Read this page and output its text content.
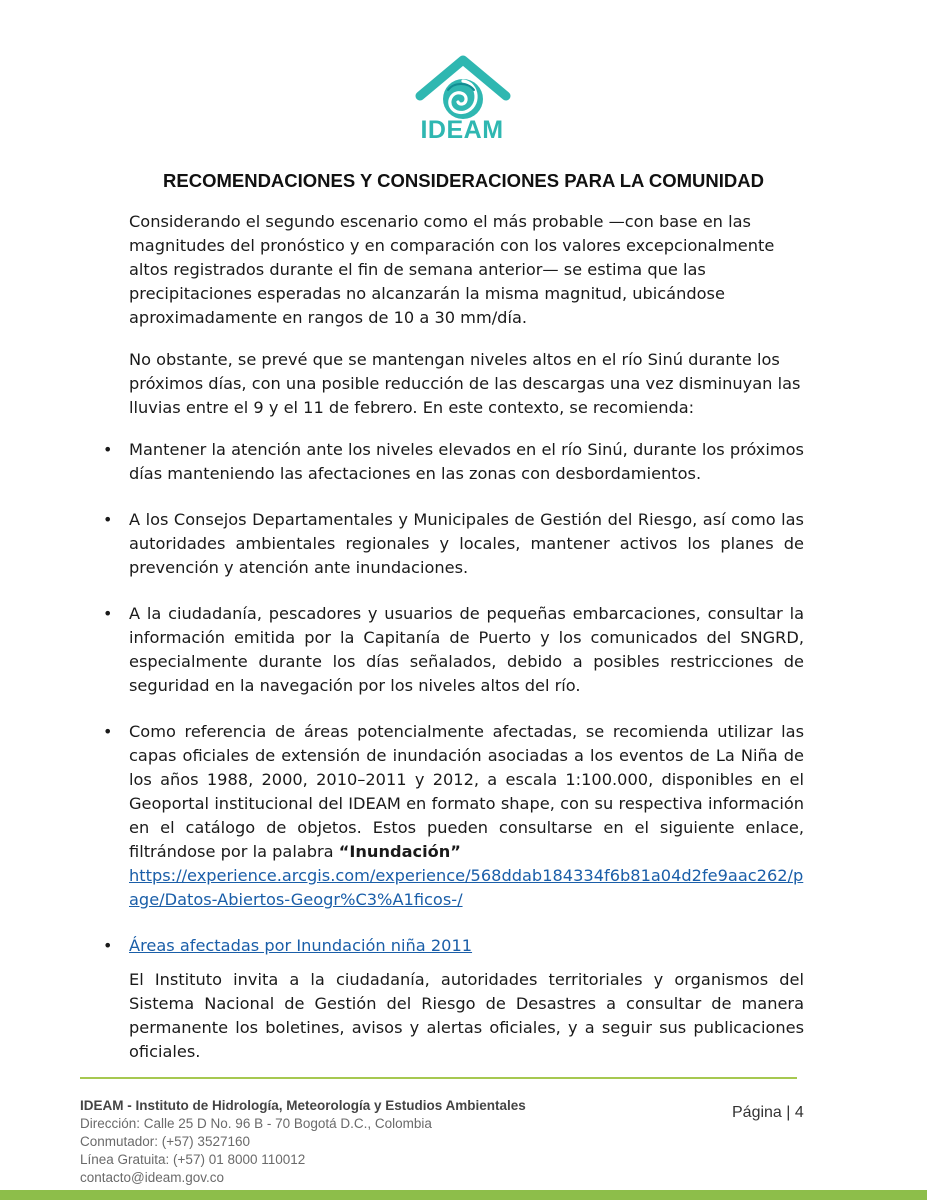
IDEAM
RECOMENDACIONES Y CONSIDERACIONES PARA LA COMUNIDAD

Considerando el segundo escenario como el más probable —con base en las magnitudes del pronóstico y en comparación con los valores excepcionalmente altos registrados durante el fin de semana anterior— se estima que las precipitaciones esperadas no alcanzarán la misma magnitud, ubicándose aproximadamente en rangos de 10 a 30 mm/día.

No obstante, se prevé que se mantengan niveles altos en el río Sinú durante los próximos días, con una posible reducción de las descargas una vez disminuyan las lluvias entre el 9 y el 11 de febrero. En este contexto, se recomienda:

• Mantener la atención ante los niveles elevados en el río Sinú, durante los próximos días manteniendo las afectaciones en las zonas con desbordamientos.
• A los Consejos Departamentales y Municipales de Gestión del Riesgo, así como las autoridades ambientales regionales y locales, mantener activos los planes de prevención y atención ante inundaciones.
• A la ciudadanía, pescadores y usuarios de pequeñas embarcaciones, consultar la información emitida por la Capitanía de Puerto y los comunicados del SNGRD, especialmente durante los días señalados, debido a posibles restricciones de seguridad en la navegación por los niveles altos del río.
• Como referencia de áreas potencialmente afectadas, se recomienda utilizar las capas oficiales de extensión de inundación asociadas a los eventos de La Niña de los años 1988, 2000, 2010–2011 y 2012, a escala 1:100.000, disponibles en el Geoportal institucional del IDEAM en formato shape, con su respectiva información en el catálogo de objetos. Estos pueden consultarse en el siguiente enlace, filtrándose por la palabra “Inundación”
https://experience.arcgis.com/experience/568ddab184334f6b81a04d2fe9aac262/page/Datos-Abiertos-Geogr%C3%A1ficos-/
• Áreas afectadas por Inundación niña 2011

El Instituto invita a la ciudadanía, autoridades territoriales y organismos del Sistema Nacional de Gestión del Riesgo de Desastres a consultar de manera permanente los boletines, avisos y alertas oficiales, y a seguir sus publicaciones oficiales.

IDEAM - Instituto de Hidrología, Meteorología y Estudios Ambientales
Dirección: Calle 25 D No. 96 B - 70 Bogotá D.C., Colombia
Conmutador: (+57) 3527160
Línea Gratuita: (+57) 01 8000 110012
contacto@ideam.gov.co
Página | 4
